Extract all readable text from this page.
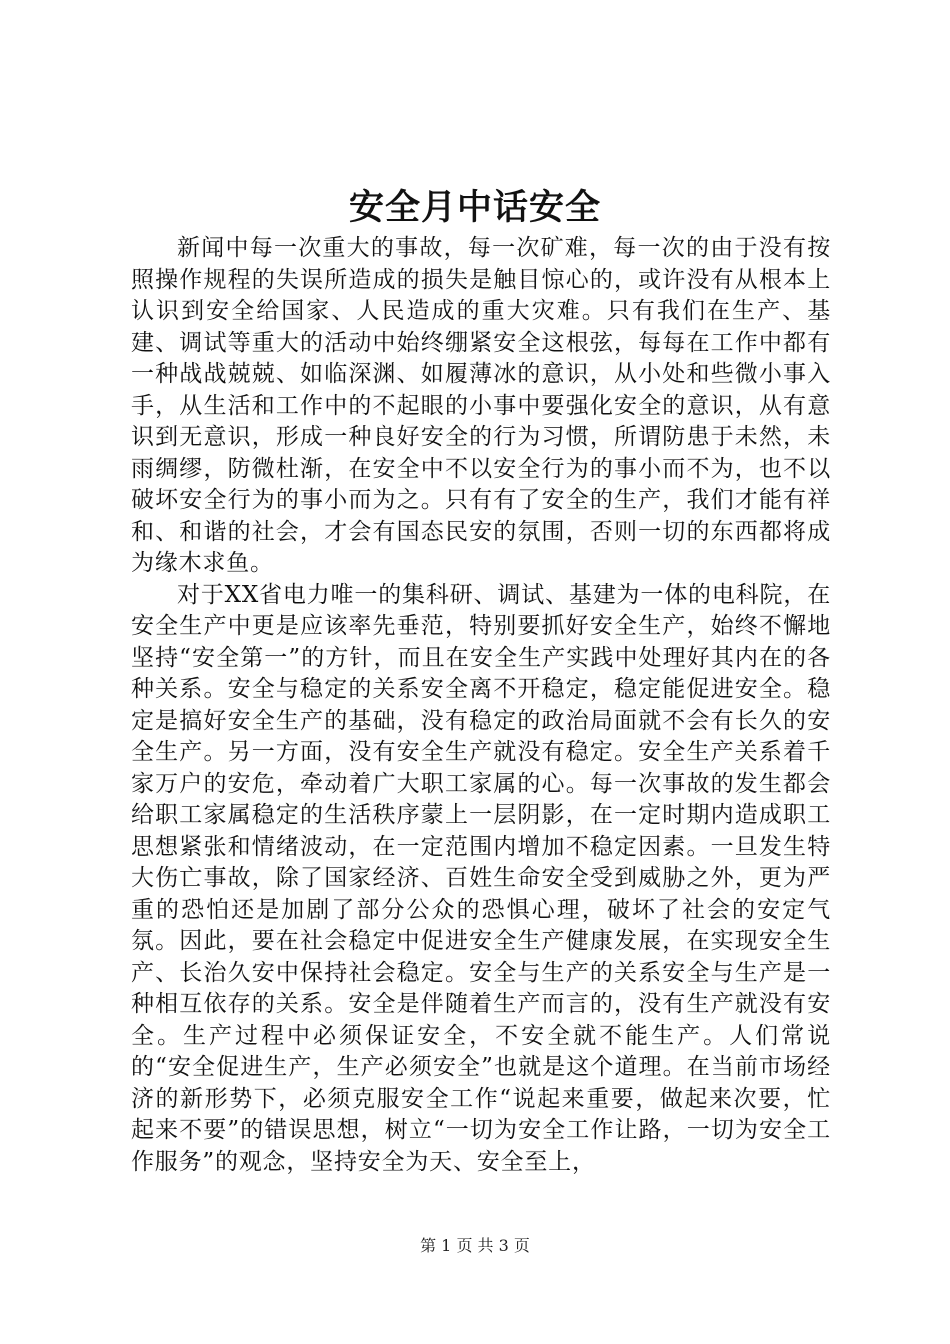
安全月中话安全

新闻中每一次重大的事故，每一次矿难，每一次的由于没有按照操作规程的失误所造成的损失是触目惊心的，或许没有从根本上认识到安全给国家、人民造成的重大灾难。只有我们在生产、基建、调试等重大的活动中始终绷紧安全这根弦，每每在工作中都有一种战战兢兢、如临深渊、如履薄冰的意识，从小处和些微小事入手，从生活和工作中的不起眼的小事中要强化安全的意识，从有意识到无意识，形成一种良好安全的行为习惯，所谓防患于未然，未雨绸缪，防微杜渐，在安全中不以安全行为的事小而不为，也不以破坏安全行为的事小而为之。只有有了安全的生产，我们才能有祥和、和谐的社会，才会有国态民安的氛围，否则一切的东西都将成为缘木求鱼。

对于XX省电力唯一的集科研、调试、基建为一体的电科院，在安全生产中更是应该率先垂范，特别要抓好安全生产，始终不懈地坚持“安全第一”的方针，而且在安全生产实践中处理好其内在的各种关系。安全与稳定的关系安全离不开稳定，稳定能促进安全。稳定是搞好安全生产的基础，没有稳定的政治局面就不会有长久的安全生产。另一方面，没有安全生产就没有稳定。安全生产关系着千家万户的安危，牵动着广大职工家属的心。每一次事故的发生都会给职工家属稳定的生活秩序蒙上一层阴影，在一定时期内造成职工思想紧张和情绪波动，在一定范围内增加不稳定因素。一旦发生特大伤亡事故，除了国家经济、百姓生命安全受到威胁之外，更为严重的恐怕还是加剧了部分公众的恐惧心理，破坏了社会的安定气氛。因此，要在社会稳定中促进安全生产健康发展，在实现安全生产、长治久安中保持社会稳定。安全与生产的关系安全与生产是一种相互依存的关系。安全是伴随着生产而言的，没有生产就没有安全。生产过程中必须保证安全，不安全就不能生产。人们常说的“安全促进生产，生产必须安全”也就是这个道理。在当前市场经济的新形势下，必须克服安全工作“说起来重要，做起来次要，忙起来不要”的错误思想，树立“一切为安全工作让路，一切为安全工作服务”的观念，坚持安全为天、安全至上，

第 1 页 共 3 页
